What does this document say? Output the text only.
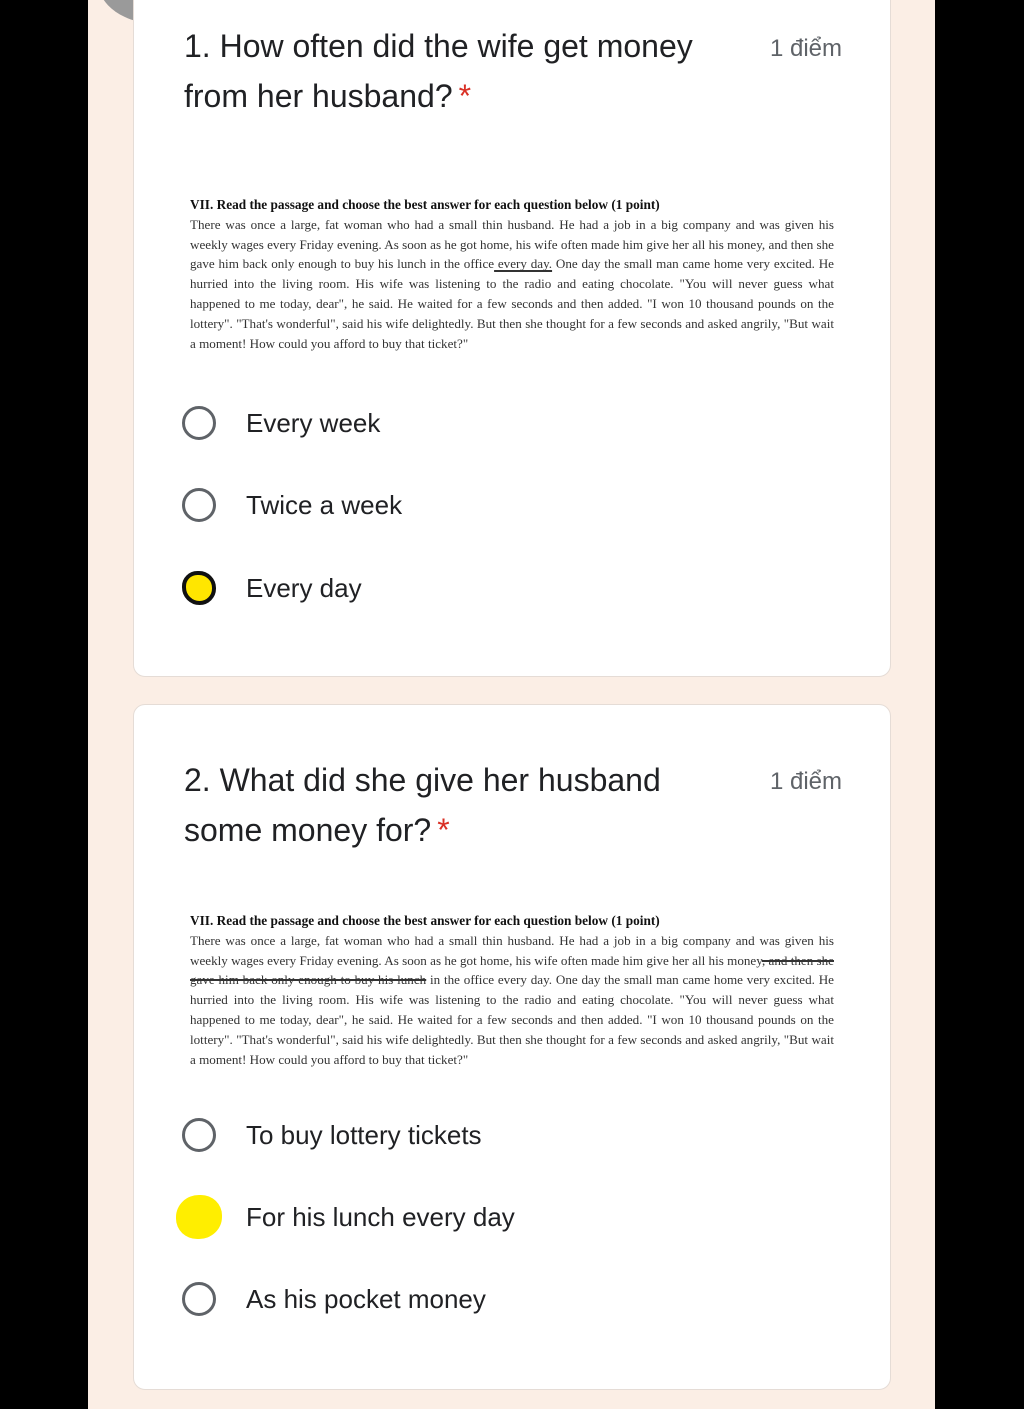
1. How often did the wife get money from her husband? *
1 điểm
VII. Read the passage and choose the best answer for each question below (1 point)

There was once a large, fat woman who had a small thin husband. He had a job in a big company and was given his weekly wages every Friday evening. As soon as he got home, his wife often made him give her all his money, and then she gave him back only enough to buy his lunch in the office every day. One day the small man came home very excited. He hurried into the living room. His wife was listening to the radio and eating chocolate. "You will never guess what happened to me today, dear", he said. He waited for a few seconds and then added. "I won 10 thousand pounds on the lottery". "That's wonderful", said his wife delightedly. But then she thought for a few seconds and asked angrily, "But wait a moment! How could you afford to buy that ticket?"

Every week
Twice a week
Every day
2. What did she give her husband some money for? *
1 điểm
VII. Read the passage and choose the best answer for each question below (1 point)

There was once a large, fat woman who had a small thin husband. He had a job in a big company and was given his weekly wages every Friday evening. As soon as he got home, his wife often made him give her all his money, and then she gave him back only enough to buy his lunch in the office every day. One day the small man came home very excited. He hurried into the living room. His wife was listening to the radio and eating chocolate. "You will never guess what happened to me today, dear", he said. He waited for a few seconds and then added. "I won 10 thousand pounds on the lottery". "That's wonderful", said his wife delightedly. But then she thought for a few seconds and asked angrily, "But wait a moment! How could you afford to buy that ticket?"

To buy lottery tickets
For his lunch every day
As his pocket money
